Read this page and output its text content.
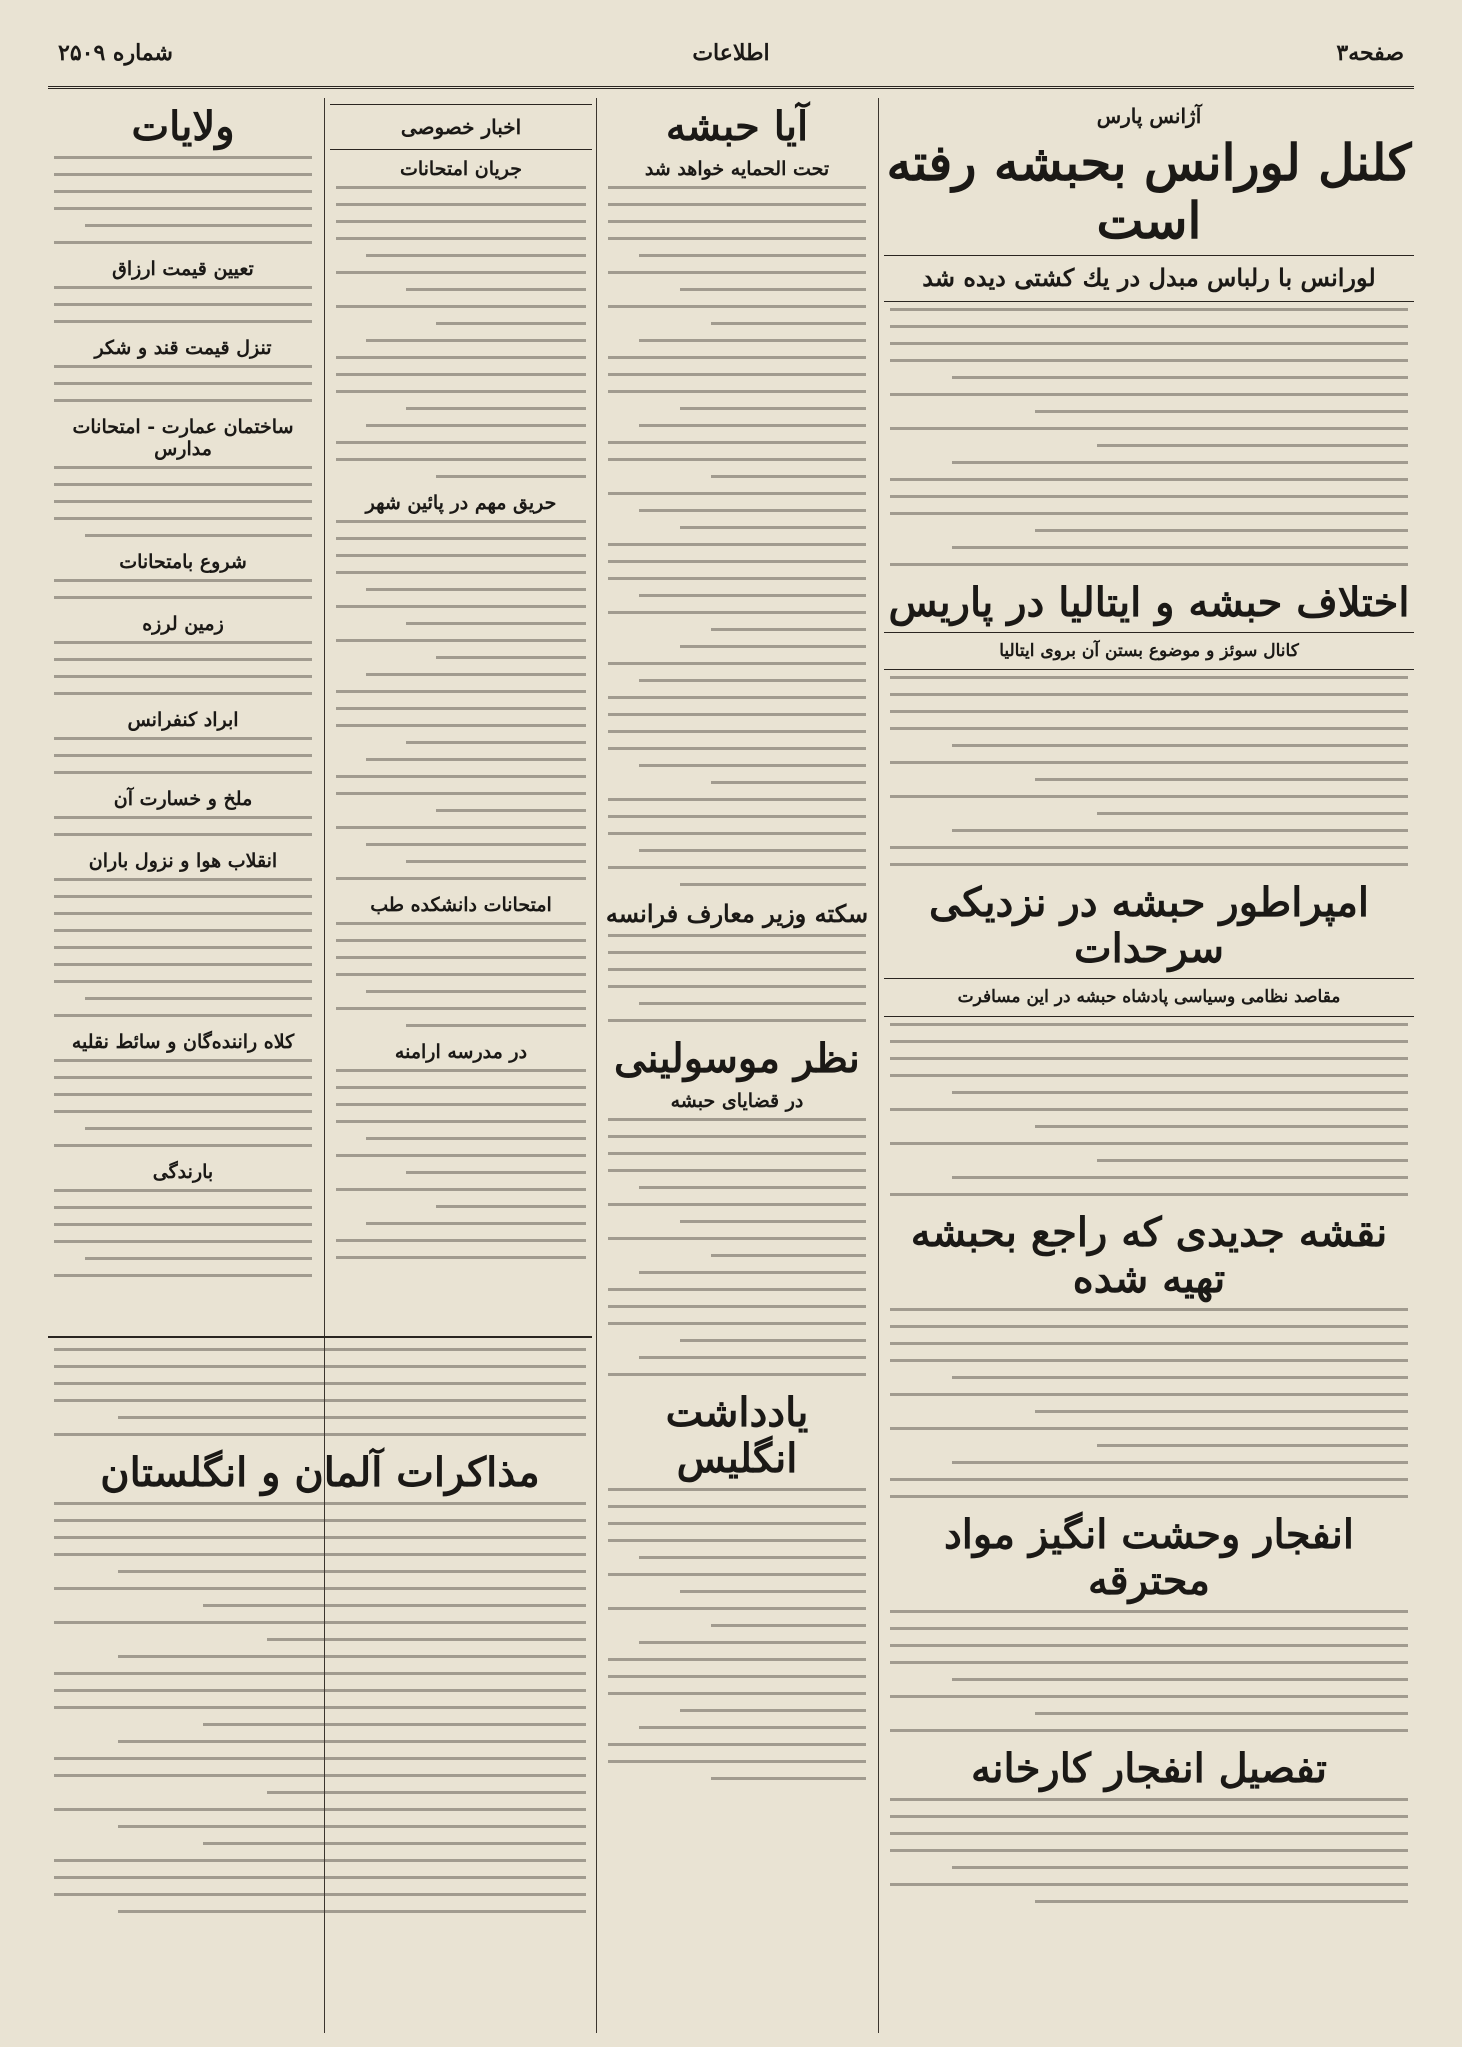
صفحه۳
اطلاعات
شماره ۲۵۰۹
آژانس پارس
کلنل لورانس بحبشه رفته است
لورانس با رلباس مبدل در یك کشتی دیده شد
اختلاف حبشه و ایتالیا در پاریس
کانال سوئز و موضوع بستن آن بروی ایتالیا
امپراطور حبشه در نزدیکی سرحدات
مقاصد نظامی وسیاسی پادشاه حبشه در این مسافرت
نقشه جدیدی که راجع بحبشه تهیه شده
انفجار وحشت انگیز مواد محترقه
تفصیل انفجار کارخانه
آیا حبشه
تحت الحمایه خواهد شد
سکته وزیر معارف فرانسه
نظر موسولینی
در قضایای حبشه
یادداشت انگلیس
اخبار خصوصی
جریان امتحانات
حریق مهم در پائین شهر
امتحانات دانشکده طب
در مدرسه ارامنه
ولایات
تعیین قیمت ارزاق
تنزل قیمت قند و شکر
ساختمان عمارت - امتحانات مدارس
شروع بامتحانات
زمین لرزه
ابراد کنفرانس
ملخ و خسارت آن
انقلاب هوا و نزول باران
کلاه راننده‌گان و سائط نقلیه
بارندگی
مذاکرات آلمان و انگلستان
